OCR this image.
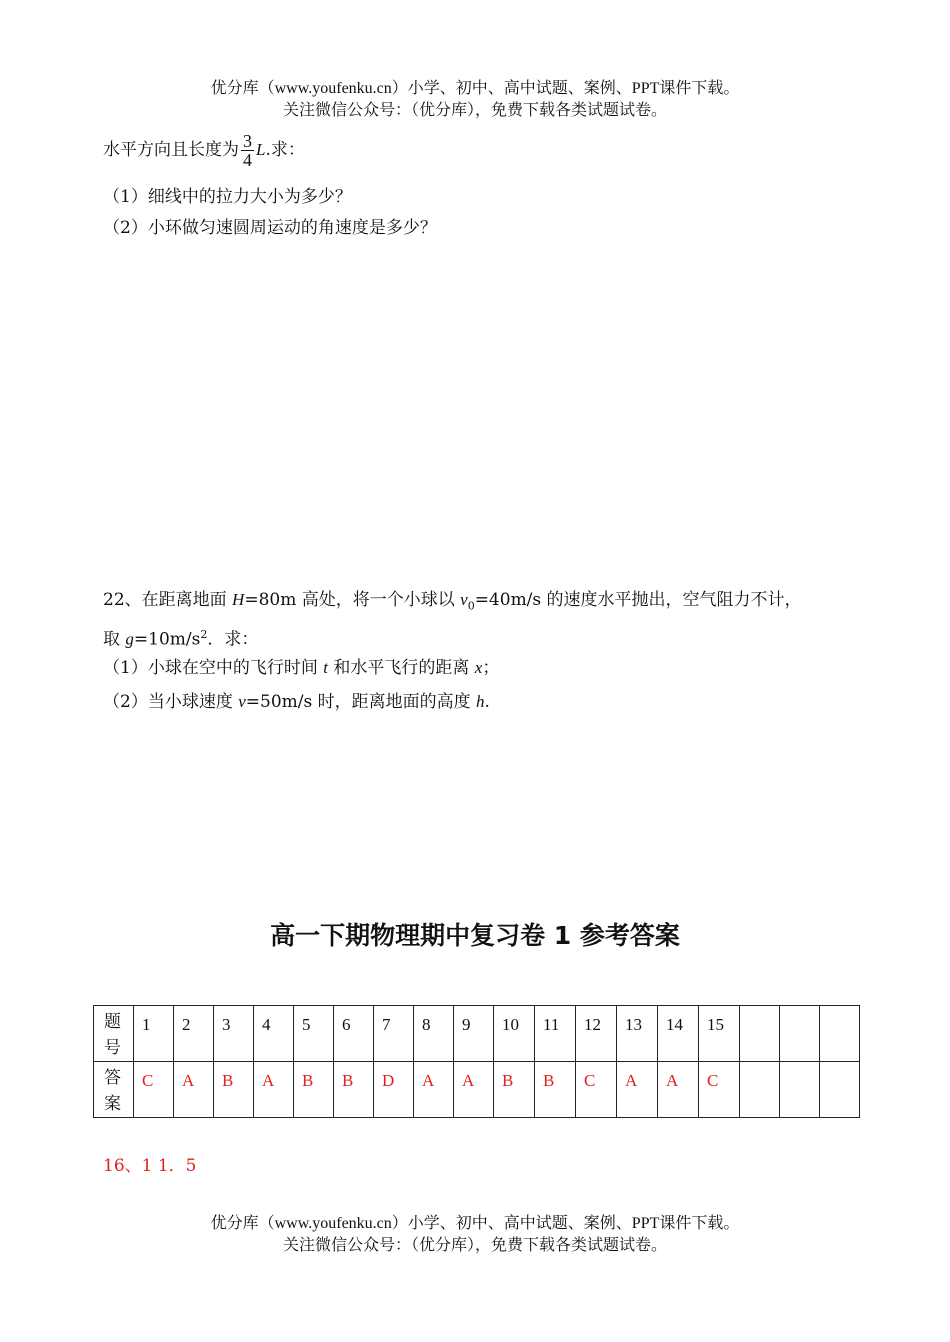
优分库（www.youfenku.cn）小学、初中、高中试题、案例、PPT课件下载。
关注微信公众号：（优分库），免费下载各类试题试卷。
水平方向且长度为 $\frac{3}{4} L$.求：
（1）细线中的拉力大小为多少？
（2）小环做匀速圆周运动的角速度是多少？
22、在距离地面 H=80m 高处，将一个小球以 $v_0=40m/s$ 的速度水平抛出，空气阻力不计，
取 $g=10m/s^2$．求：
（1）小球在空中的飞行时间 t 和水平飞行的距离 x；
（2）当小球速度 v=50m/s 时，距离地面的高度 h.
高一下期物理期中复习卷 1 参考答案
题号	1	2	3	4	5	6	7	8	9	10	11	12	13	14	15			
答案	C	A	B	A	B	B	D	A	A	B	B	C	A	A	C			
16、1 1．5
优分库（www.youfenku.cn）小学、初中、高中试题、案例、PPT课件下载。
关注微信公众号：（优分库），免费下载各类试题试卷。
